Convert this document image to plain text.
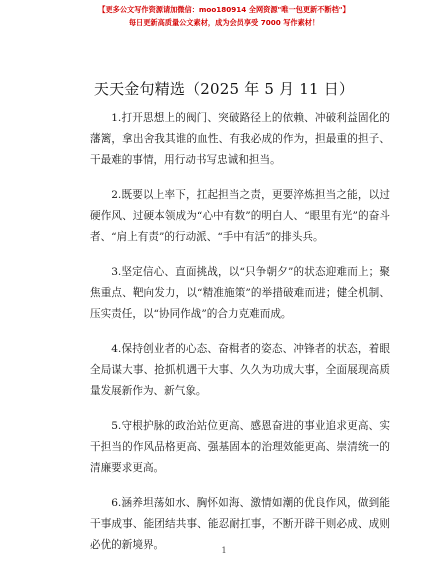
【更多公文写作资源请加微信：moo180914 全网资源"唯一包更新不断档"】
每日更新高质量公文素材，成为会员享受 7000 写作素材！
天天金句精选（2025 年 5 月 11 日）

1.打开思想上的阀门、突破路径上的依赖、冲破利益固化的藩篱，拿出舍我其谁的血性、有我必成的作为，担最重的担子、干最难的事情，用行动书写忠诚和担当。

2.既要以上率下，扛起担当之责，更要淬炼担当之能，以过硬作风、过硬本领成为“心中有数”的明白人、“眼里有光”的奋斗者、“肩上有责”的行动派、“手中有活”的排头兵。

3.坚定信心、直面挑战，以“只争朝夕”的状态迎难而上；聚焦重点、靶向发力，以“精准施策”的举措破难而进；健全机制、压实责任，以“协同作战”的合力克难而成。

4.保持创业者的心态、奋楫者的姿态、冲锋者的状态，着眼全局谋大事、抢抓机遇干大事、久久为功成大事，全面展现高质量发展新作为、新气象。

5.守根护脉的政治站位更高、感恩奋进的事业追求更高、实干担当的作风品格更高、强基固本的治理效能更高、崇清统一的清廉要求更高。

6.涵养坦荡如水、胸怀如海、激情如潮的优良作风，做到能干事成事、能团结共事、能忍耐扛事，不断开辟干则必成、成则必优的新境界。	1
